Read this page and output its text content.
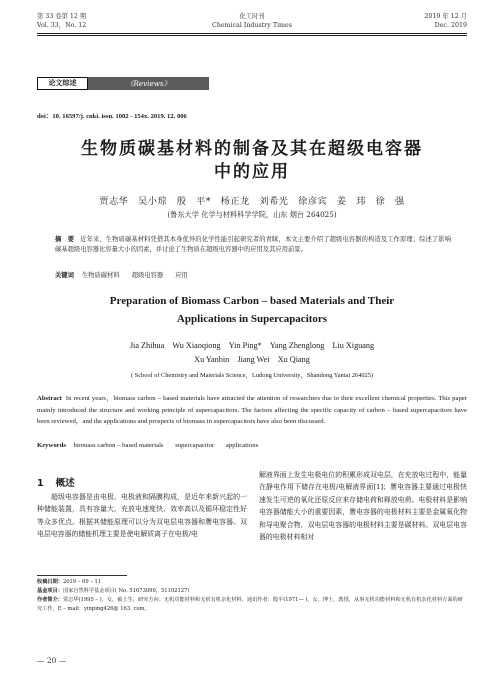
第 33 卷第 12 期
Vol. 33，No. 12
化工时刊
Chemical Industry Times
2019 年 12 月
Dec. 2019
论文综述	《Reviews》
doi：10. 16597/j. cnki. issn. 1002 - 154x. 2019. 12. 006
生物质碳基材料的制备及其在超级电容器
中的应用
贾志华　吴小琼　殷　平*　杨正龙　刘希光　徐彦宾　姜　玮　徐　强
(鲁东大学 化学与材料科学学院，山东 烟台 264025)
摘　要 近年来，生物质碳基材料凭借其本身优异的化学性能引起研究者的青睐，本文主要介绍了超级电容器的构造及工作原理；综述了影响碳基超级电容器比容量大小的因素，并讨论了生物质在超级电容器中的应用及其应用前景。
关键词 生物质碳材料 超级电容器 应用
Preparation of Biomass Carbon – based Materials and Their
Applications in Supercapacitors
Jia Zhihua　Wu Xiaoqiong　Yin Ping*　Yang Zhenglong　Liu Xiguang
Xu Yanbin　Jiang Wei　Xu Qiang
( School of Chemistry and Materials Science，Ludong University，Shandong Yantai 264025)
Abstract In recent years，biomass carbon – based materials have attracted the attention of researchers due to their excellent chemical properties. This paper mainly introduced the structure and working principle of supercapacitors. The factors affecting the specific capacity of carbon – based supercapacitors have been reviewed，and the applications and prospects of biomass in supercapacitors have also been discussed.
Keywords biomass carbon – based materials supercapacitor applications
1 概述
超级电容器是由电极、电极液和隔膜构成，是近年来新兴起的一种储能装置，具有容量大、充放电速度快、效率高以及循环稳定性好等众多优点。根据其储能原理可以分为双电层电容器和赝电容器。双电层电容器的储能机理主要是使电解质离子在电极/电
解液界面上发生电极电位的积累形成双电层，在充放电过程中，能量在静电作用下储存在电极/电解液界面[1]；赝电容器主要通过电极快速发生可逆的氧化还原反应来存储电荷和释放电荷。电极材料是影响电容器储能大小的重要因素，赝电容器的电极材料主要是金属氧化物和导电聚合物，双电层电容器的电极材料主要是碳材料。双电层电容器的电极材料相对
收稿日期：2019 – 09 – 11
基金项目：国家自然科学基金项目( No. 51673090，51102127)
作者简介：贾志华(1995 – )，女，硕士生，研究方向：无机功能材料和无机有机杂化材料。通讯作者：殷平(1971— )，女，博士，教授，从事无机功能材料和无机有机杂化材料方面的研究工作，E – mail：yinping426@ 163. com。
— 20 —
